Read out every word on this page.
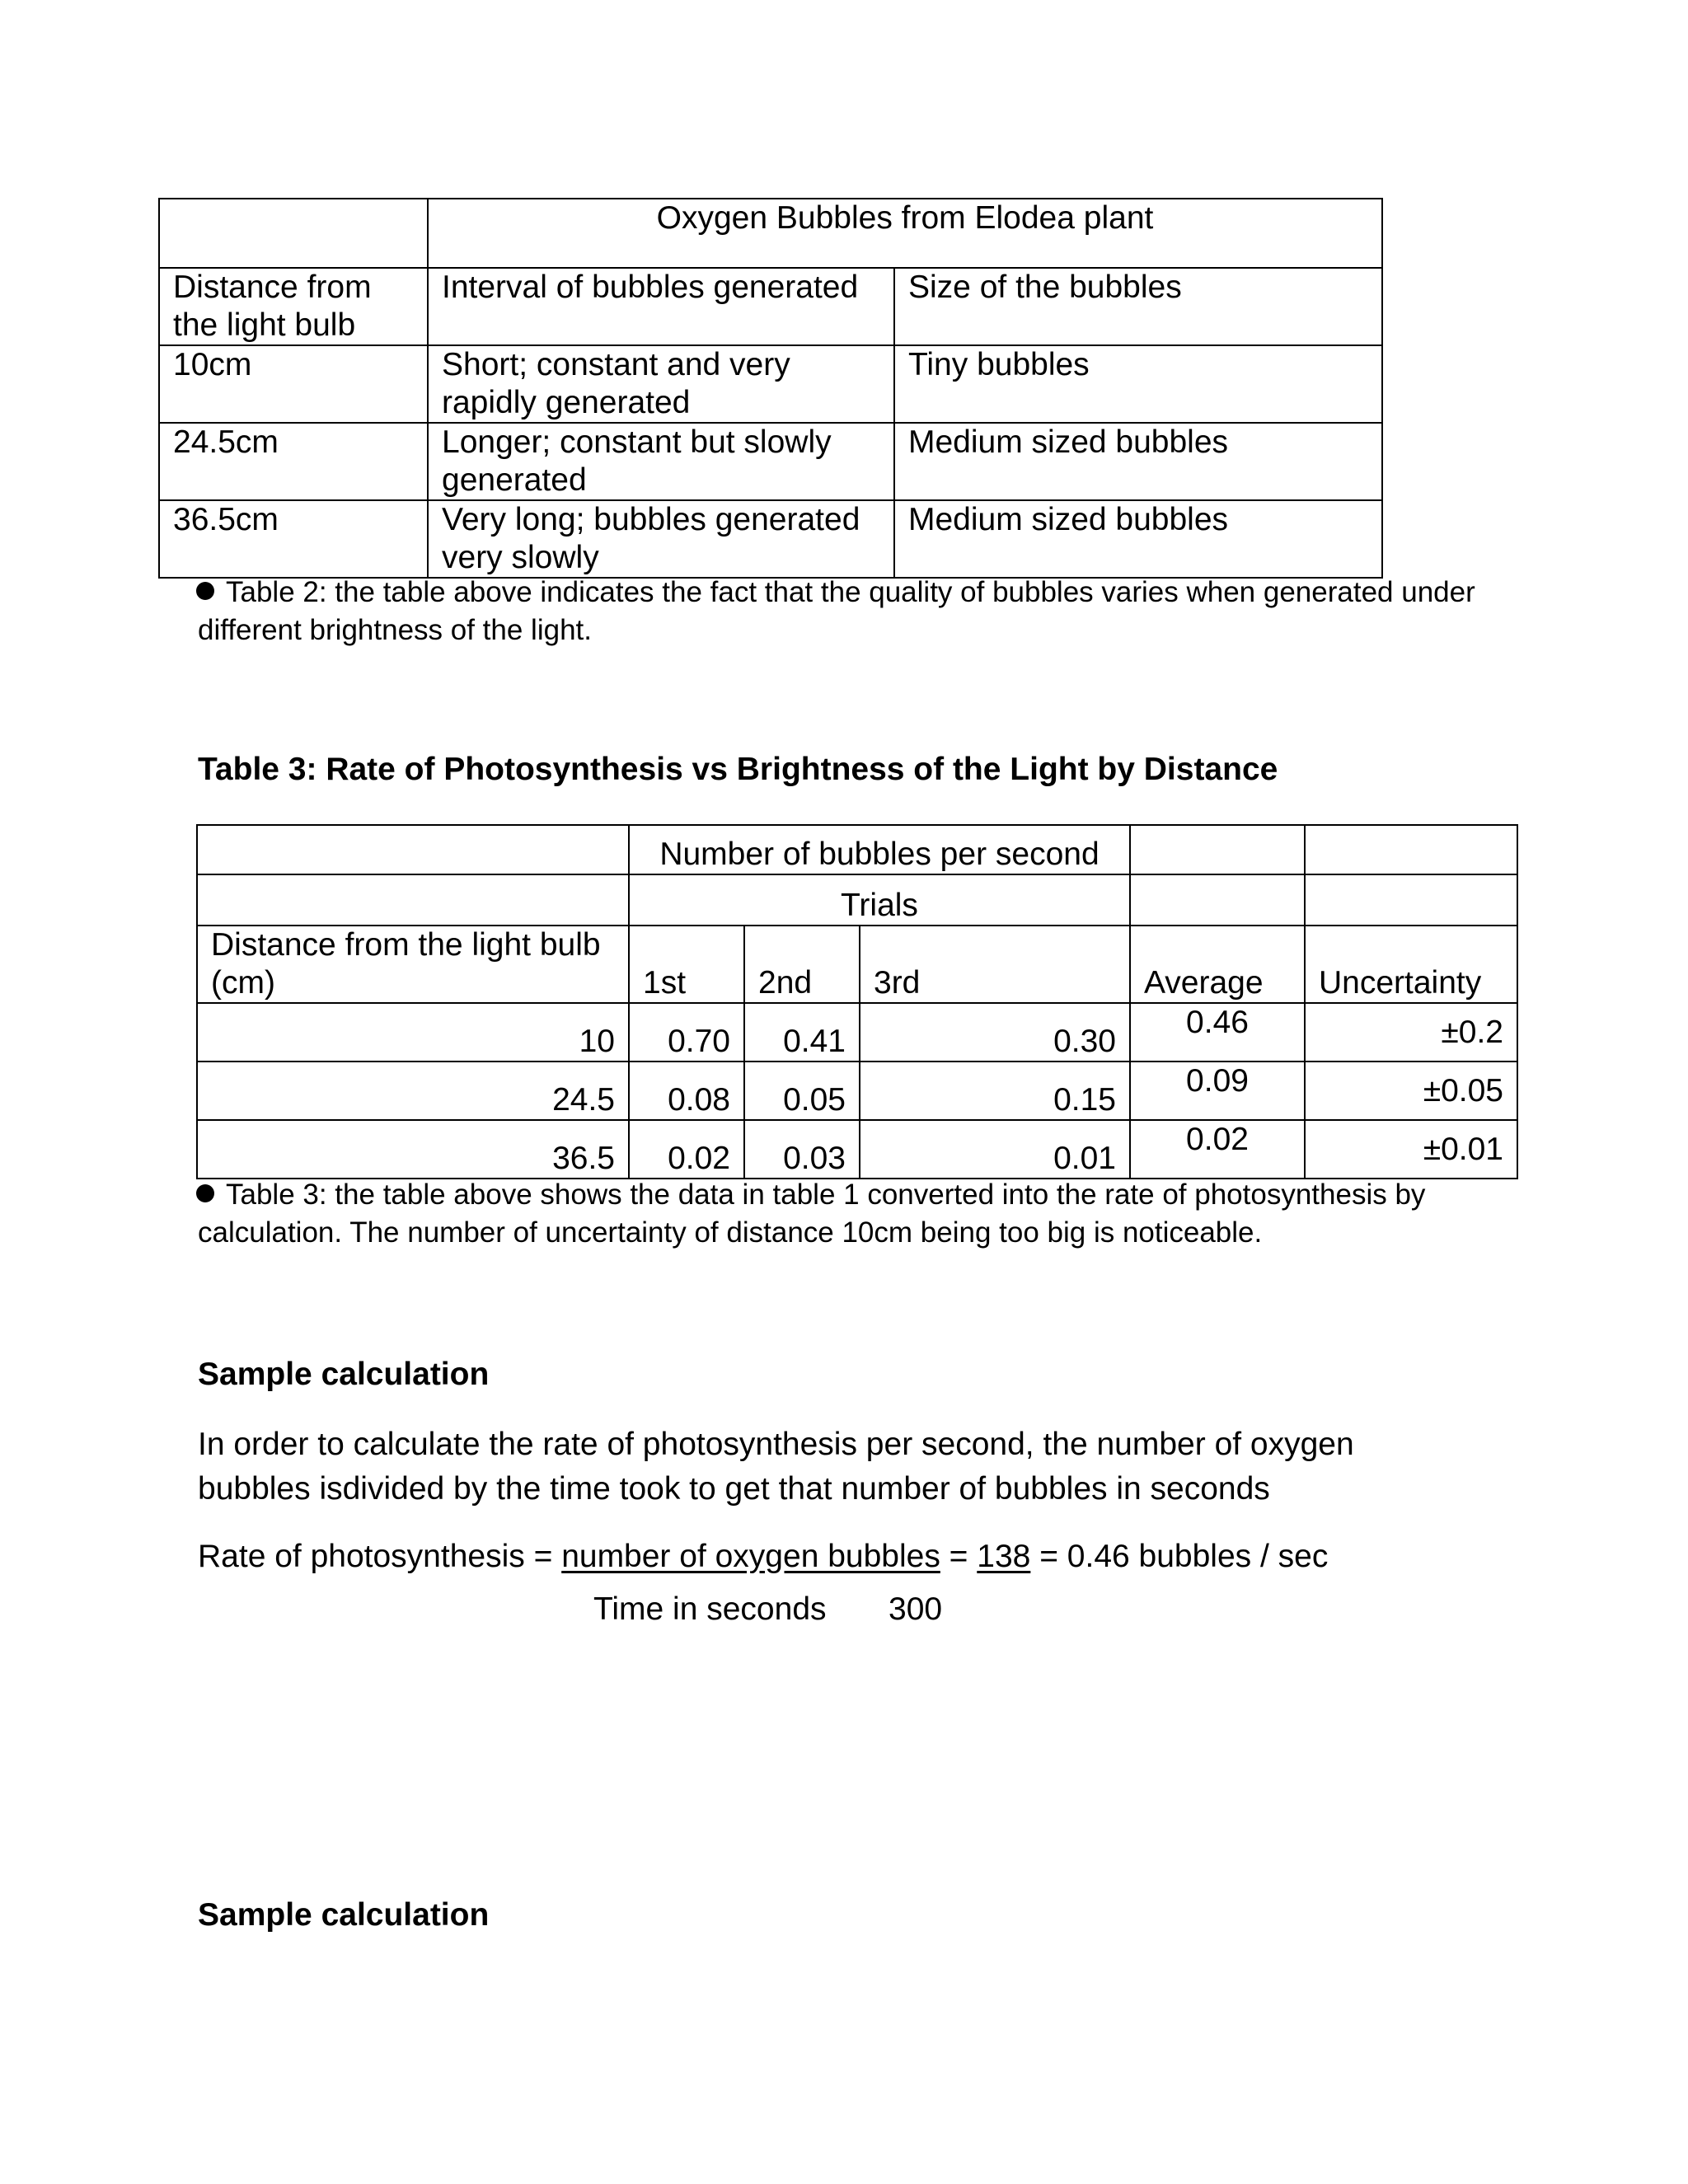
	Oxygen Bubbles from Elodea plant	
Distance from the light bulb	Interval of bubbles generated	Size of the bubbles
10cm	Short; constant and very rapidly generated	Tiny bubbles
24.5cm	Longer; constant but slowly generated	Medium sized bubbles
36.5cm	Very long; bubbles generated very slowly	Medium sized bubbles
Table 2: the table above indicates the fact that the quality of bubbles varies when generated under different brightness of the light.
Table 3: Rate of Photosynthesis vs Brightness of the Light by Distance
	Number of bubbles per second				
	Trials				
Distance from the light bulb (cm)	1st	2nd	3rd	Average	Uncertainty
10	0.70	0.41	0.30	0.46	±0.2
24.5	0.08	0.05	0.15	0.09	±0.05
36.5	0.02	0.03	0.01	0.02	±0.01
Table 3: the table above shows the data in table 1 converted into the rate of photosynthesis by calculation. The number of uncertainty of distance 10cm being too big is noticeable.
Sample calculation
In order to calculate the rate of photosynthesis per second, the number of oxygen bubbles isdivided by the time took to get that number of bubbles in seconds
Rate of photosynthesis = number of oxygen bubbles = 138 = 0.46 bubbles / sec
Time in seconds 300
Sample calculation
